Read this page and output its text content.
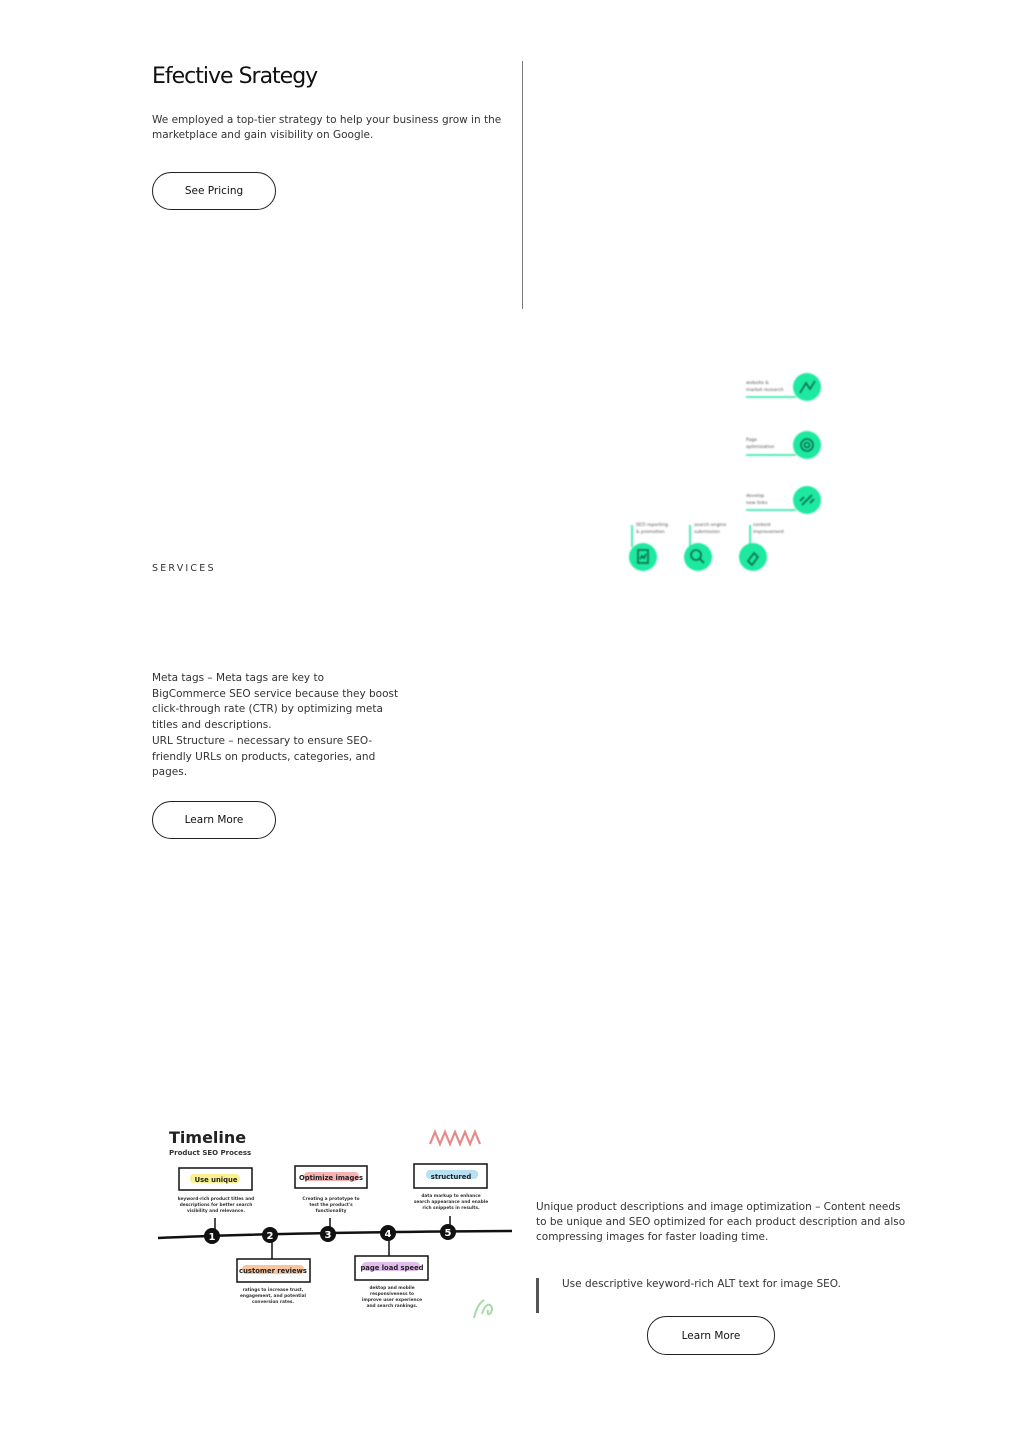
Efective Srategy

We employed a top-tier strategy to help your business grow in the marketplace and gain visibility on Google.

See Pricing
website &
market research
Page
optimization
develop
new links
content
improvement
search engine
submission
SEO reporting
& promotion
SERVICES
Meta tags – Meta tags are key to
BigCommerce SEO service because they boost
click-through rate (CTR) by optimizing meta
titles and descriptions.
URL Structure – necessary to ensure SEO-
friendly URLs on products, categories, and
pages.
Learn More
Timeline
Product SEO Process
Use unique	Optimize images	structured
customer reviews	page load speed
keyword-rich product titles and
descriptions for better search
visibility and relevance.
Creating a prototype to
test the product's
functionality
data markup to enhance
search appearance and enable
rich snippets in results.
ratings to increase trust,
engagement, and potential
conversion rates.
dektop and mobile
responsiveness to
improve user experience
and search rankings.
1	2	3	4	5
Unique product descriptions and image optimization – Content needs
to be unique and SEO optimized for each product description and also
compressing images for faster loading time.
Use descriptive keyword-rich ALT text for image SEO.
Learn More
